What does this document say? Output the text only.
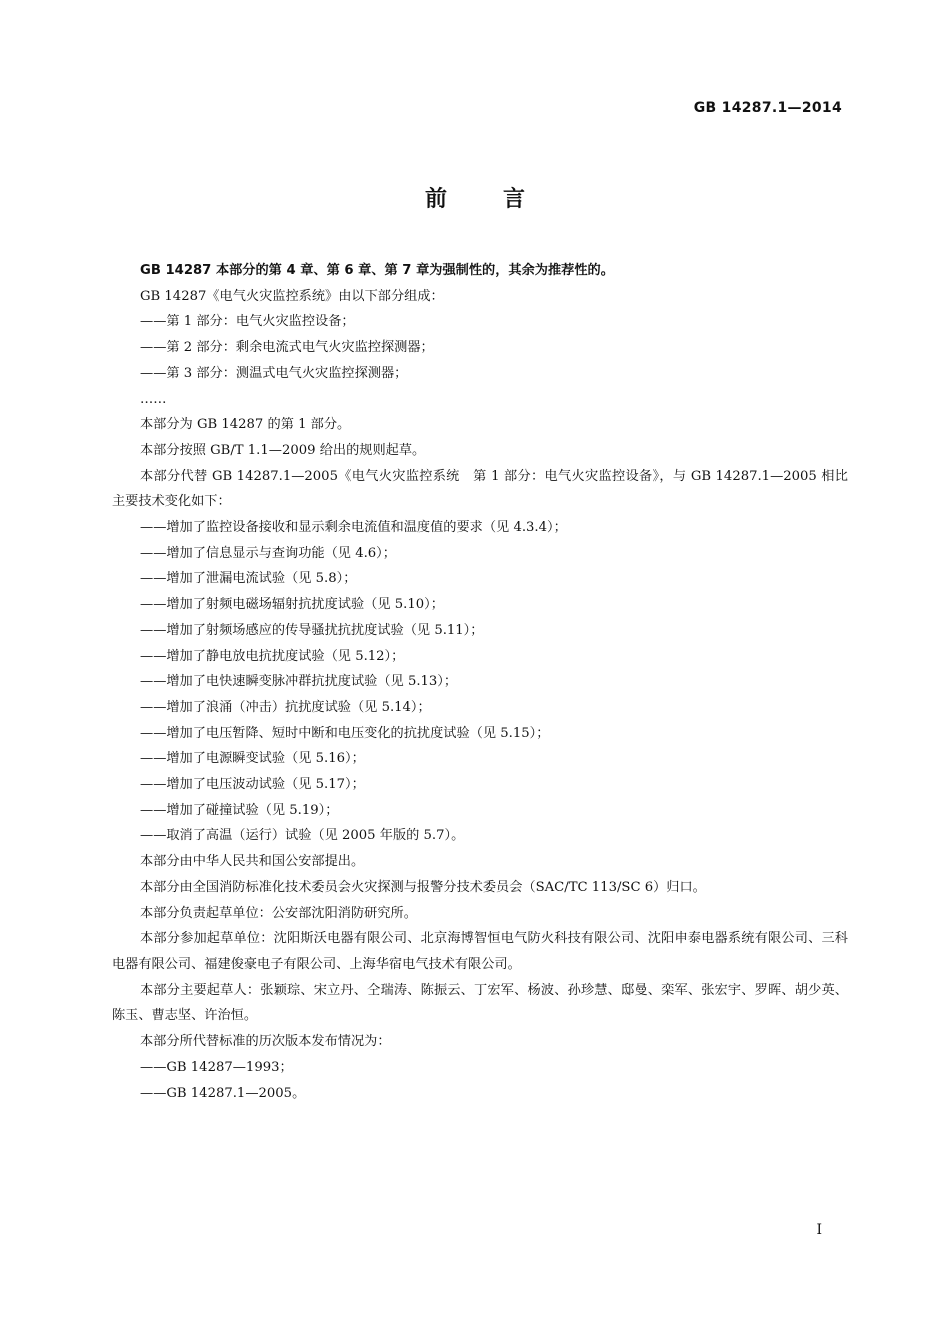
GB 14287.1—2014
前	言

GB 14287 本部分的第 4 章、第 6 章、第 7 章为强制性的，其余为推荐性的。

GB 14287《电气火灾监控系统》由以下部分组成：

——第 1 部分：电气火灾监控设备；

——第 2 部分：剩余电流式电气火灾监控探测器；

——第 3 部分：测温式电气火灾监控探测器；

……

本部分为 GB 14287 的第 1 部分。

本部分按照 GB/T 1.1—2009 给出的规则起草。

本部分代替 GB 14287.1—2005《电气火灾监控系统　第 1 部分：电气火灾监控设备》，与 GB 14287.1—2005 相比主要技术变化如下：

——增加了监控设备接收和显示剩余电流值和温度值的要求（见 4.3.4）；

——增加了信息显示与查询功能（见 4.6）；

——增加了泄漏电流试验（见 5.8）；

——增加了射频电磁场辐射抗扰度试验（见 5.10）；

——增加了射频场感应的传导骚扰抗扰度试验（见 5.11）；

——增加了静电放电抗扰度试验（见 5.12）；

——增加了电快速瞬变脉冲群抗扰度试验（见 5.13）；

——增加了浪涌（冲击）抗扰度试验（见 5.14）；

——增加了电压暂降、短时中断和电压变化的抗扰度试验（见 5.15）；

——增加了电源瞬变试验（见 5.16）；

——增加了电压波动试验（见 5.17）；

——增加了碰撞试验（见 5.19）；

——取消了高温（运行）试验（见 2005 年版的 5.7）。

本部分由中华人民共和国公安部提出。

本部分由全国消防标准化技术委员会火灾探测与报警分技术委员会（SAC/TC 113/SC 6）归口。

本部分负责起草单位：公安部沈阳消防研究所。

本部分参加起草单位：沈阳斯沃电器有限公司、北京海博智恒电气防火科技有限公司、沈阳申泰电器系统有限公司、三科电器有限公司、福建俊豪电子有限公司、上海华宿电气技术有限公司。

本部分主要起草人：张颖琮、宋立丹、仝瑞涛、陈振云、丁宏军、杨波、孙珍慧、邸曼、栾军、张宏宇、罗晖、胡少英、陈玉、曹志坚、许治恒。

本部分所代替标准的历次版本发布情况为：

——GB 14287—1993；

——GB 14287.1—2005。

I
